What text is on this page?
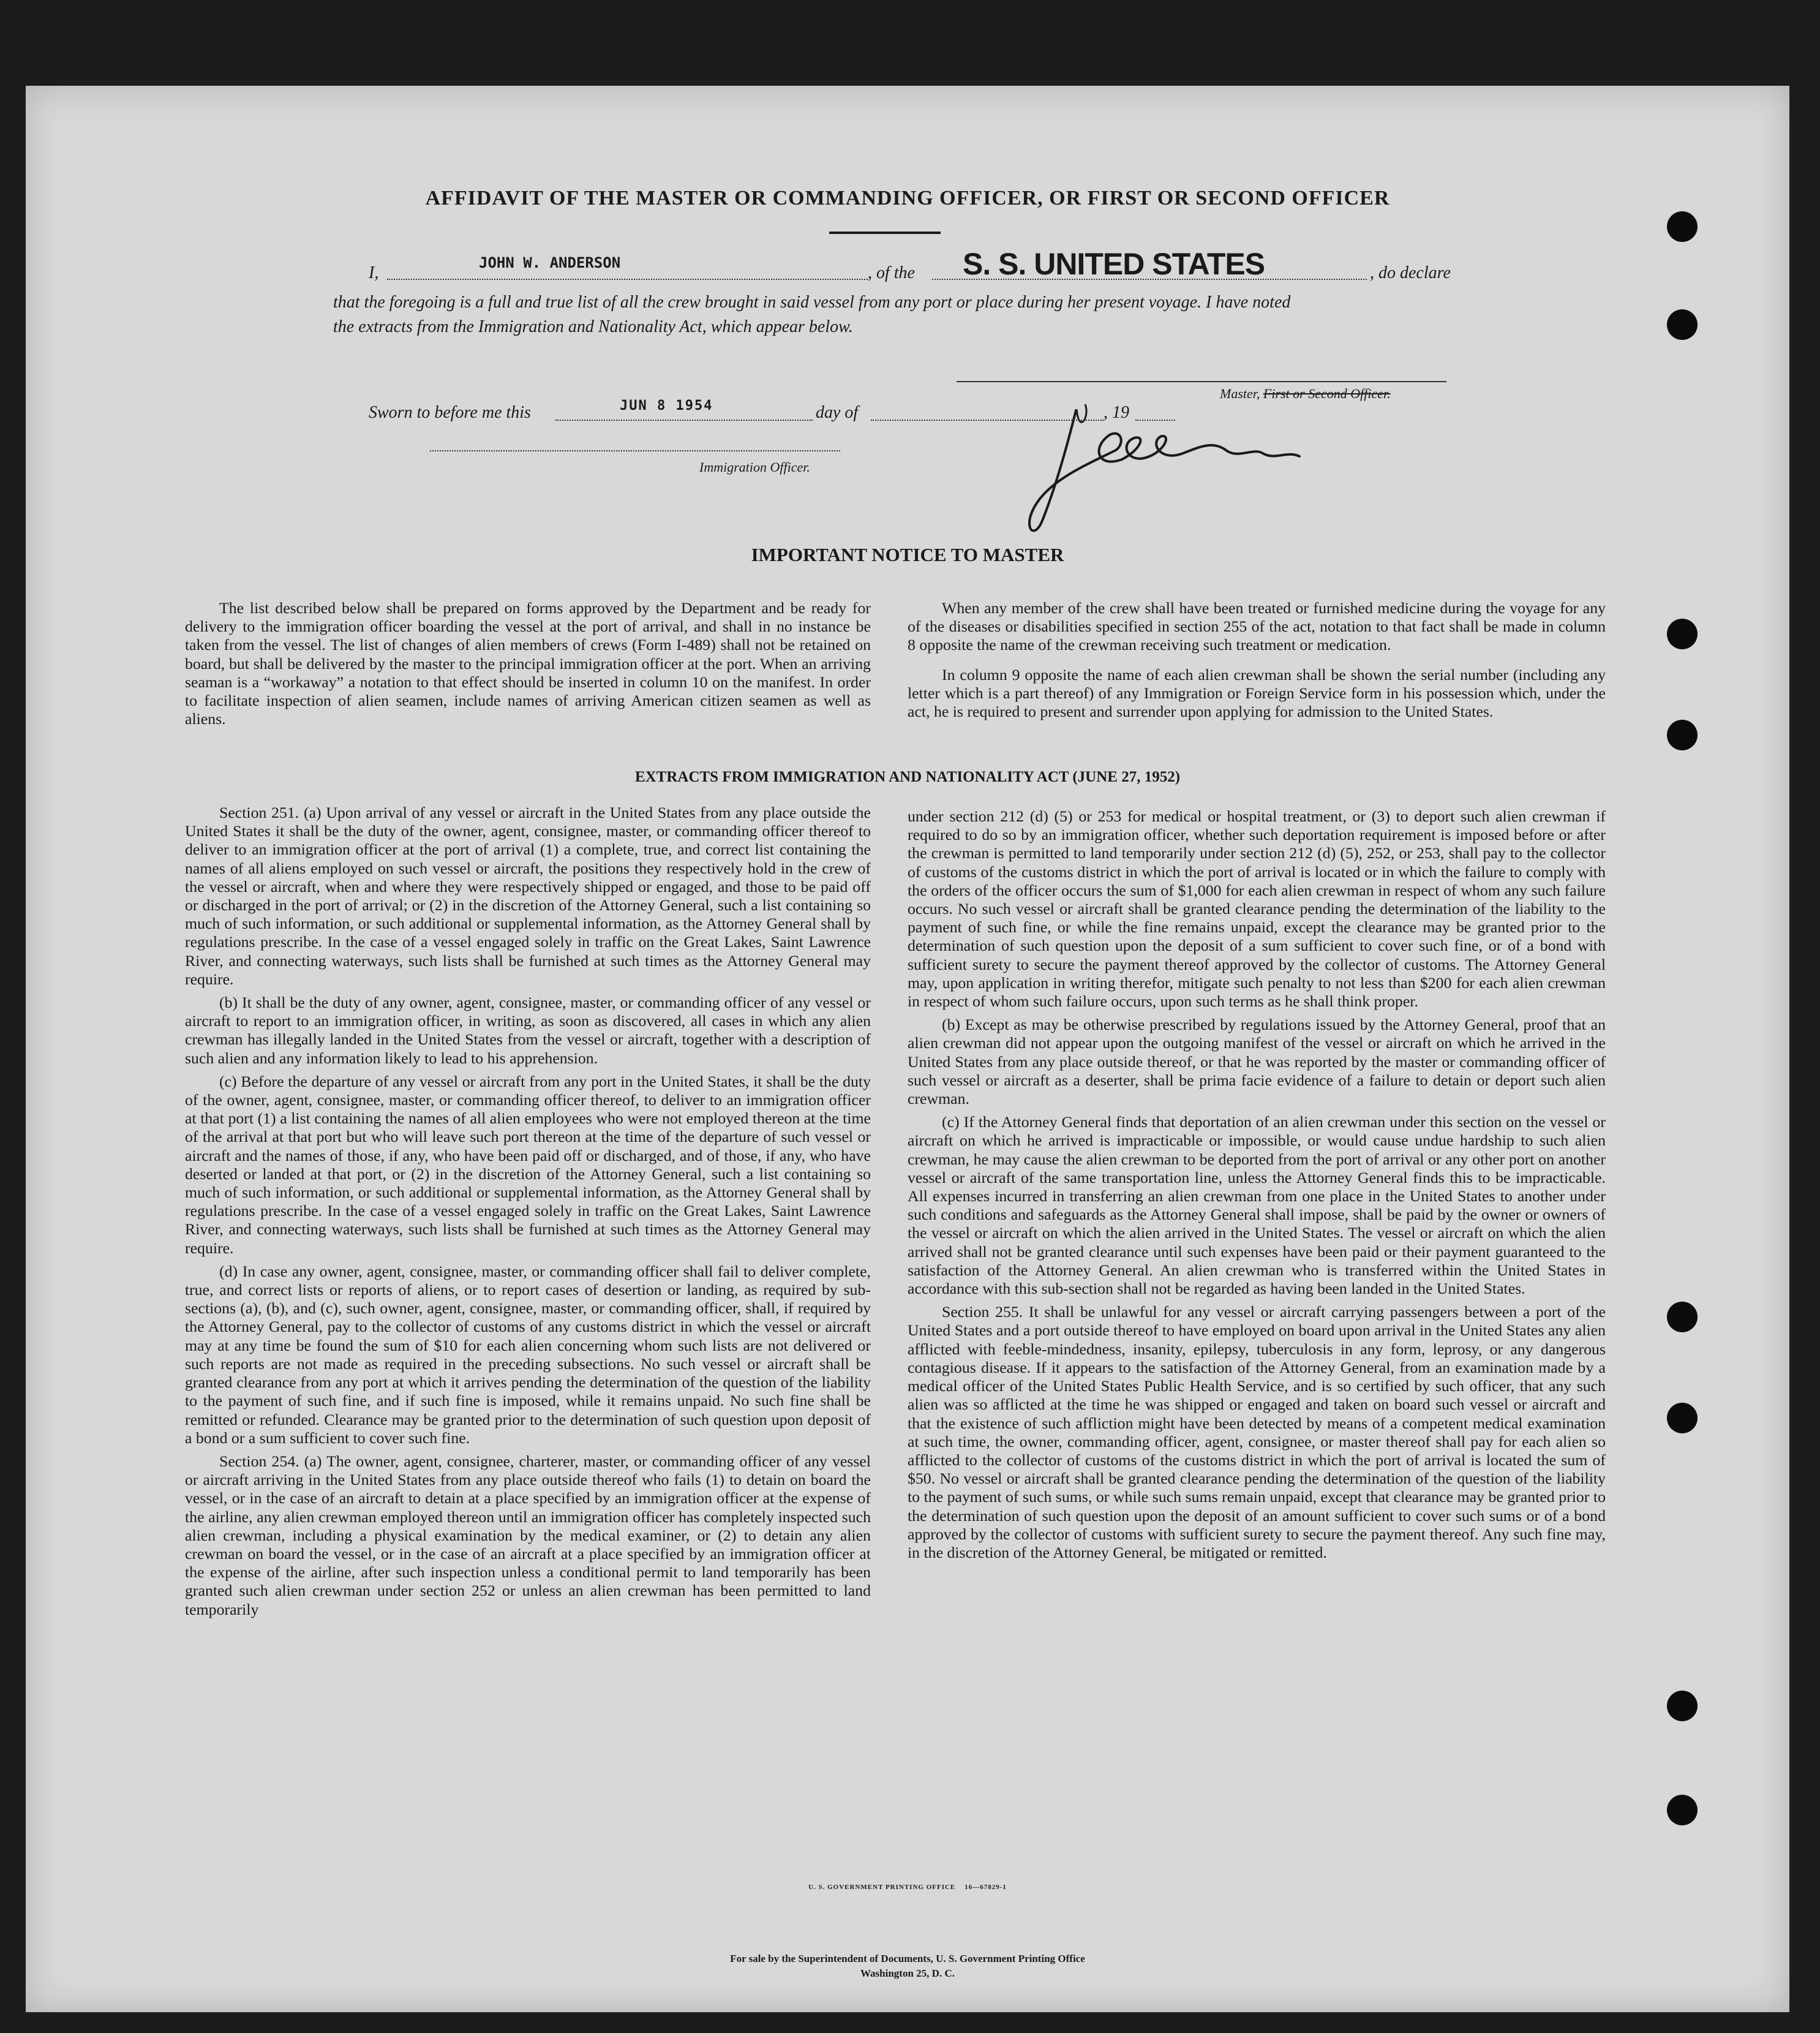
AFFIDAVIT OF THE MASTER OR COMMANDING OFFICER, OR FIRST OR SECOND OFFICER
I,
JOHN W. ANDERSON
, of the S. S. UNITED STATES	, do declare
that the foregoing is a full and true list of all the crew brought in said vessel from any port or place during her present voyage. I have noted
the extracts from the Immigration and Nationality Act, which appear below.
Master, First or Second Officer.
Sworn to before me this	JUN 8 1954	day of	, 19
Immigration Officer.
IMPORTANT NOTICE TO MASTER

The list described below shall be prepared on forms approved by the Department and be ready for delivery to the immigration officer boarding the vessel at the port of arrival, and shall in no instance be taken from the vessel. The list of changes of alien members of crews (Form I-489) shall not be retained on board, but shall be delivered by the master to the principal immigration officer at the port. When an arriving seaman is a “workaway” a notation to that effect should be inserted in column 10 on the manifest. In order to facilitate inspection of alien seamen, include names of arriving American citizen seamen as well as aliens.

When any member of the crew shall have been treated or furnished medicine during the voyage for any of the diseases or disabilities specified in section 255 of the act, notation to that fact shall be made in column 8 opposite the name of the crewman receiving such treatment or medication.

In column 9 opposite the name of each alien crewman shall be shown the serial number (including any letter which is a part thereof) of any Immigration or Foreign Service form in his possession which, under the act, he is required to present and surrender upon applying for admission to the United States.

EXTRACTS FROM IMMIGRATION AND NATIONALITY ACT (JUNE 27, 1952)

Section 251. (a) Upon arrival of any vessel or aircraft in the United States from any place outside the United States it shall be the duty of the owner, agent, consignee, master, or commanding officer thereof to deliver to an immigration officer at the port of arrival (1) a complete, true, and correct list containing the names of all aliens employed on such vessel or aircraft, the positions they respectively hold in the crew of the vessel or aircraft, when and where they were respectively shipped or engaged, and those to be paid off or discharged in the port of arrival; or (2) in the discretion of the Attorney General, such a list containing so much of such information, or such additional or supplemental information, as the Attorney General shall by regulations prescribe. In the case of a vessel engaged solely in traffic on the Great Lakes, Saint Lawrence River, and connecting waterways, such lists shall be furnished at such times as the Attorney General may require.

(b) It shall be the duty of any owner, agent, consignee, master, or commanding officer of any vessel or aircraft to report to an immigration officer, in writing, as soon as discovered, all cases in which any alien crewman has illegally landed in the United States from the vessel or aircraft, together with a description of such alien and any information likely to lead to his apprehension.

(c) Before the departure of any vessel or aircraft from any port in the United States, it shall be the duty of the owner, agent, consignee, master, or commanding officer thereof, to deliver to an immigration officer at that port (1) a list containing the names of all alien employees who were not employed thereon at the time of the arrival at that port but who will leave such port thereon at the time of the departure of such vessel or aircraft and the names of those, if any, who have been paid off or discharged, and of those, if any, who have deserted or landed at that port, or (2) in the discretion of the Attorney General, such a list containing so much of such information, or such additional or supplemental information, as the Attorney General shall by regulations prescribe. In the case of a vessel engaged solely in traffic on the Great Lakes, Saint Lawrence River, and connecting waterways, such lists shall be furnished at such times as the Attorney General may require.

(d) In case any owner, agent, consignee, master, or commanding officer shall fail to deliver complete, true, and correct lists or reports of aliens, or to report cases of desertion or landing, as required by sub-sections (a), (b), and (c), such owner, agent, consignee, master, or commanding officer, shall, if required by the Attorney General, pay to the collector of customs of any customs district in which the vessel or aircraft may at any time be found the sum of $10 for each alien concerning whom such lists are not delivered or such reports are not made as required in the preceding subsections. No such vessel or aircraft shall be granted clearance from any port at which it arrives pending the determination of the question of the liability to the payment of such fine, and if such fine is imposed, while it remains unpaid. No such fine shall be remitted or refunded. Clearance may be granted prior to the determination of such question upon deposit of a bond or a sum sufficient to cover such fine.

Section 254. (a) The owner, agent, consignee, charterer, master, or commanding officer of any vessel or aircraft arriving in the United States from any place outside thereof who fails (1) to detain on board the vessel, or in the case of an aircraft to detain at a place specified by an immigration officer at the expense of the airline, any alien crewman employed thereon until an immigration officer has completely inspected such alien crewman, including a physical examination by the medical examiner, or (2) to detain any alien crewman on board the vessel, or in the case of an aircraft at a place specified by an immigration officer at the expense of the airline, after such inspection unless a conditional permit to land temporarily has been granted such alien crewman under section 252 or unless an alien crewman has been permitted to land temporarily

under section 212 (d) (5) or 253 for medical or hospital treatment, or (3) to deport such alien crewman if required to do so by an immigration officer, whether such deportation requirement is imposed before or after the crewman is permitted to land temporarily under section 212 (d) (5), 252, or 253, shall pay to the collector of customs of the customs district in which the port of arrival is located or in which the failure to comply with the orders of the officer occurs the sum of $1,000 for each alien crewman in respect of whom any such failure occurs. No such vessel or aircraft shall be granted clearance pending the determination of the liability to the payment of such fine, or while the fine remains unpaid, except the clearance may be granted prior to the determination of such question upon the deposit of a sum sufficient to cover such fine, or of a bond with sufficient surety to secure the payment thereof approved by the collector of customs. The Attorney General may, upon application in writing therefor, mitigate such penalty to not less than $200 for each alien crewman in respect of whom such failure occurs, upon such terms as he shall think proper.

(b) Except as may be otherwise prescribed by regulations issued by the Attorney General, proof that an alien crewman did not appear upon the outgoing manifest of the vessel or aircraft on which he arrived in the United States from any place outside thereof, or that he was reported by the master or commanding officer of such vessel or aircraft as a deserter, shall be prima facie evidence of a failure to detain or deport such alien crewman.

(c) If the Attorney General finds that deportation of an alien crewman under this section on the vessel or aircraft on which he arrived is impracticable or impossible, or would cause undue hardship to such alien crewman, he may cause the alien crewman to be deported from the port of arrival or any other port on another vessel or aircraft of the same transportation line, unless the Attorney General finds this to be impracticable. All expenses incurred in transferring an alien crewman from one place in the United States to another under such conditions and safeguards as the Attorney General shall impose, shall be paid by the owner or owners of the vessel or aircraft on which the alien arrived in the United States. The vessel or aircraft on which the alien arrived shall not be granted clearance until such expenses have been paid or their payment guaranteed to the satisfaction of the Attorney General. An alien crewman who is transferred within the United States in accordance with this sub-section shall not be regarded as having been landed in the United States.

Section 255. It shall be unlawful for any vessel or aircraft carrying passengers between a port of the United States and a port outside thereof to have employed on board upon arrival in the United States any alien afflicted with feeble-mindedness, insanity, epilepsy, tuberculosis in any form, leprosy, or any dangerous contagious disease. If it appears to the satisfaction of the Attorney General, from an examination made by a medical officer of the United States Public Health Service, and is so certified by such officer, that any such alien was so afflicted at the time he was shipped or engaged and taken on board such vessel or aircraft and that the existence of such affliction might have been detected by means of a competent medical examination at such time, the owner, commanding officer, agent, consignee, or master thereof shall pay for each alien so afflicted to the collector of customs of the customs district in which the port of arrival is located the sum of $50. No vessel or aircraft shall be granted clearance pending the determination of the question of the liability to the payment of such sums, or while such sums remain unpaid, except that clearance may be granted prior to the determination of such question upon the deposit of an amount sufficient to cover such sums or of a bond approved by the collector of customs with sufficient surety to secure the payment thereof. Any such fine may, in the discretion of the Attorney General, be mitigated or remitted.

U. S. GOVERNMENT PRINTING OFFICE    16—67829-1
For sale by the Superintendent of Documents, U. S. Government Printing Office
Washington 25, D. C.
